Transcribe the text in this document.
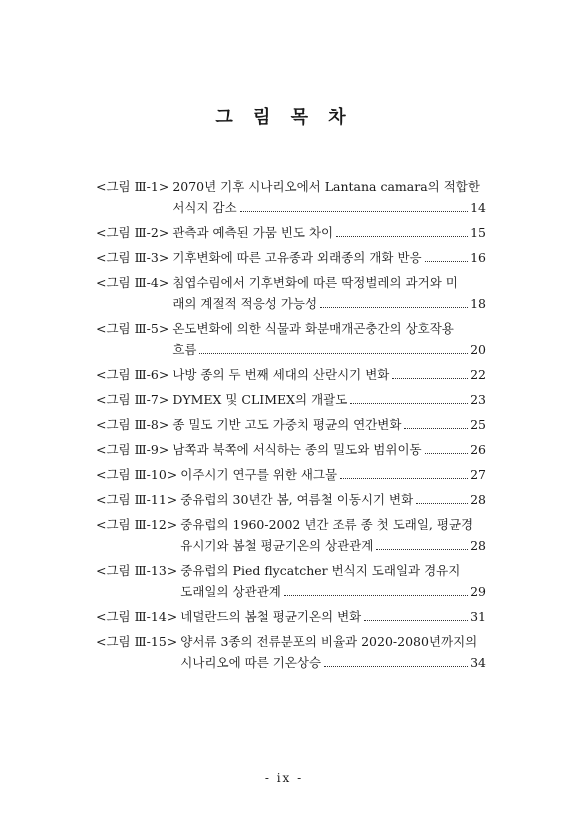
그 림 목 차
<그림 Ⅲ-1> 2070년 기후 시나리오에서 Lantana camara의 적합한
서식지 감소	14
<그림 Ⅲ-2> 관측과 예측된 가뭄 빈도 차이	15
<그림 Ⅲ-3> 기후변화에 따른 고유종과 외래종의 개화 반응	16
<그림 Ⅲ-4> 침엽수림에서 기후변화에 따른 딱정벌레의 과거와 미
래의 계절적 적응성 가능성	18
<그림 Ⅲ-5> 온도변화에 의한 식물과 화분매개곤충간의 상호작용
흐름	20
<그림 Ⅲ-6> 나방 종의 두 번째 세대의 산란시기 변화	22
<그림 Ⅲ-7> DYMEX 및 CLIMEX의 개괄도	23
<그림 Ⅲ-8> 종 밀도 기반 고도 가중치 평균의 연간변화	25
<그림 Ⅲ-9> 남쪽과 북쪽에 서식하는 종의 밀도와 범위이동	26
<그림 Ⅲ-10> 이주시기 연구를 위한 새그물	27
<그림 Ⅲ-11> 중유럽의 30년간 봄, 여름철 이동시기 변화	28
<그림 Ⅲ-12> 중유럽의 1960-2002 년간 조류 종 첫 도래일, 평균경
유시기와 봄철 평균기온의 상관관계	28
<그림 Ⅲ-13> 중유럽의 Pied flycatcher 번식지 도래일과 경유지
도래일의 상관관계	29
<그림 Ⅲ-14> 네덜란드의 봄철 평균기온의 변화	31
<그림 Ⅲ-15> 양서류 3종의 전류분포의 비율과 2020-2080년까지의
시나리오에 따른 기온상승	34
- ix -
